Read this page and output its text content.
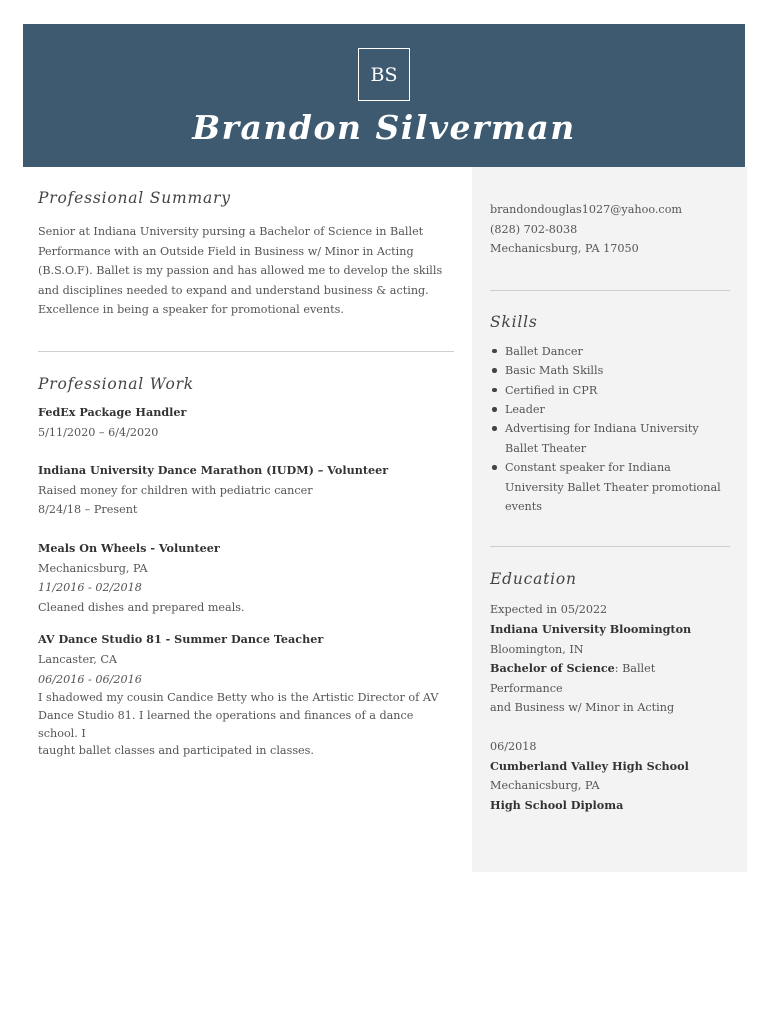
BS
Brandon Silverman
Professional Summary
Senior at Indiana University pursing a Bachelor of Science in Ballet
Performance with an Outside Field in Business w/ Minor in Acting
(B.S.O.F). Ballet is my passion and has allowed me to develop the skills
and disciplines needed to expand and understand business & acting.
Excellence in being a speaker for promotional events.
Professional Work
FedEx Package Handler
5/11/2020 – 6/4/2020
Indiana University Dance Marathon (IUDM) – Volunteer
Raised money for children with pediatric cancer
8/24/18 – Present
Meals On Wheels - Volunteer
Mechanicsburg, PA
11/2016 - 02/2018
Cleaned dishes and prepared meals.
AV Dance Studio 81 - Summer Dance Teacher
Lancaster, CA
06/2016 - 06/2016
I shadowed my cousin Candice Betty who is the Artistic Director of AV
Dance Studio 81. I learned the operations and finances of a dance school. I
taught ballet classes and participated in classes.
brandondouglas1027@yahoo.com
(828) 702-8038
Mechanicsburg, PA 17050
Skills
Ballet Dancer
Basic Math Skills
Certified in CPR
Leader
Advertising for Indiana University
Ballet Theater
Constant speaker for Indiana
University Ballet Theater promotional
events
Education
Expected in 05/2022
Indiana University Bloomington
Bloomington, IN
Bachelor of Science: Ballet Performance
and Business w/ Minor in Acting
06/2018
Cumberland Valley High School
Mechanicsburg, PA
High School Diploma
